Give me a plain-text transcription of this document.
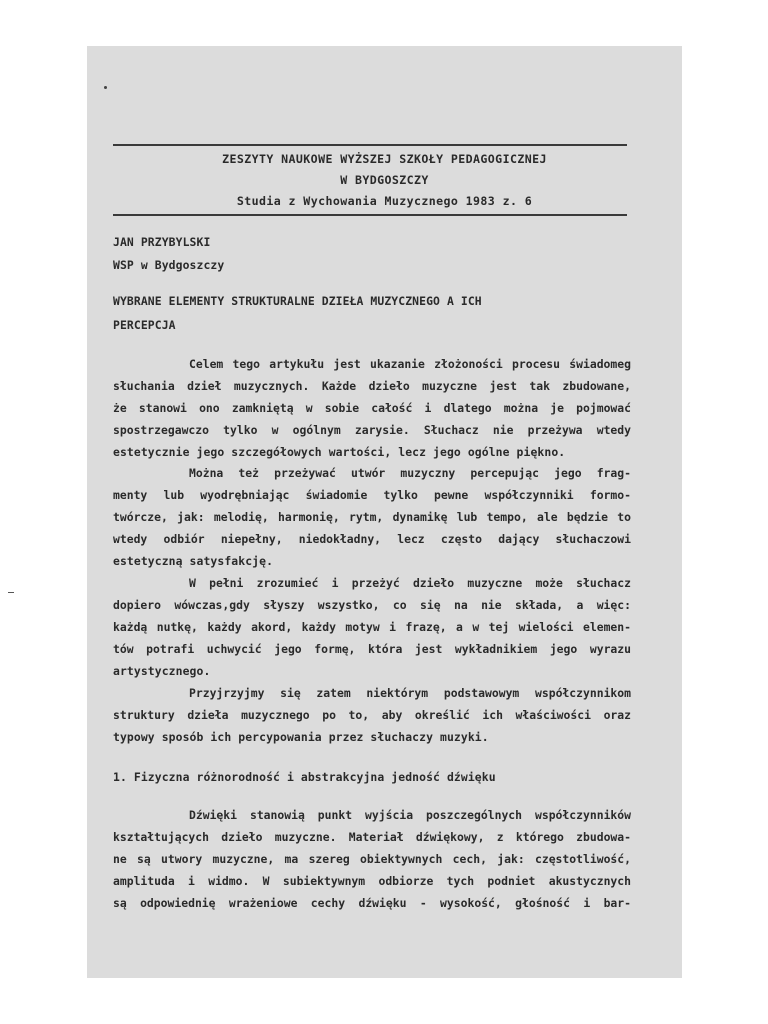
ZESZYTY NAUKOWE WYŻSZEJ SZKOŁY PEDAGOGICZNEJ
W BYDGOSZCZY
Studia z Wychowania Muzycznego 1983 z. 6
JAN PRZYBYLSKI
WSP w Bydgoszczy
WYBRANE ELEMENTY STRUKTURALNE DZIEŁA MUZYCZNEGO A ICH
PERCEPCJA
Celem tego artykułu jest ukazanie złożoności procesu świadomeg
słuchania dzieł muzycznych. Każde dzieło muzyczne jest tak zbudowane,
że stanowi ono zamkniętą w sobie całość i dlatego można je pojmować
spostrzegawczo tylko w ogólnym zarysie. Słuchacz nie przeżywa wtedy
estetycznie jego szczegółowych wartości, lecz jego ogólne piękno.
Można też przeżywać utwór muzyczny percepując jego frag-
menty lub wyodrębniając świadomie tylko pewne współczynniki formo-
twórcze, jak: melodię, harmonię, rytm, dynamikę lub tempo, ale będzie to
wtedy odbiór niepełny, niedokładny, lecz często dający słuchaczowi
estetyczną satysfakcję.
W pełni zrozumieć i przeżyć dzieło muzyczne może słuchacz
dopiero wówczas,gdy słyszy wszystko, co się na nie składa, a więc:
każdą nutkę, każdy akord, każdy motyw i frazę, a w tej wielości elemen-
tów potrafi uchwycić jego formę, która jest wykładnikiem jego wyrazu
artystycznego.
Przyjrzyjmy się zatem niektórym podstawowym współczynnikom
struktury dzieła muzycznego po to, aby określić ich właściwości oraz
typowy sposób ich percypowania przez słuchaczy muzyki.
1. Fizyczna różnorodność i abstrakcyjna jedność dźwięku
Dźwięki stanowią punkt wyjścia poszczególnych współczynników
kształtujących dzieło muzyczne. Materiał dźwiękowy, z którego zbudowa-
ne są utwory muzyczne, ma szereg obiektywnych cech, jak: częstotliwość,
amplituda i widmo. W subiektywnym odbiorze tych podniet akustycznych
są odpowiednię wrażeniowe cechy dźwięku - wysokość, głośność i bar-
